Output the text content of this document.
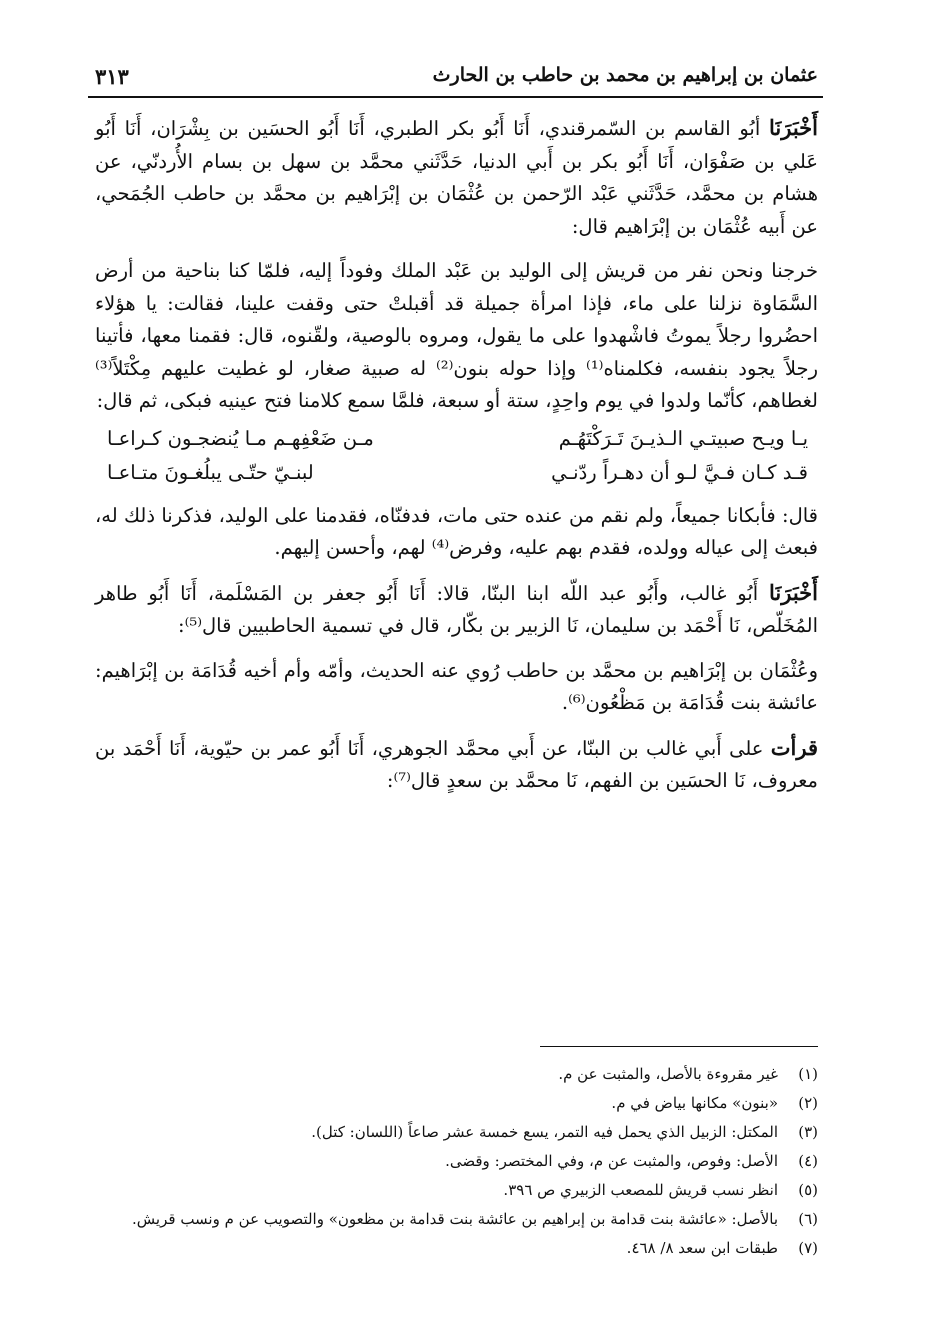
عثمان بن إبراهيم بن محمد بن حاطب بن الحارث
٣١٣

أَخْبَرَنَا أبُو القاسم بن السّمرقندي، أَنَا أَبُو بكر الطبري، أَنَا أَبُو الحسَين بن بِشْرَان، أَنَا أَبُو عَلي بن صَفْوَان، أَنَا أَبُو بكر بن أَبي الدنيا، حَدَّثَني محمَّد بن سهل بن بسام الأُردنّي، عن هشام بن محمَّد، حَدَّثَني عَبْد الرّحمن بن عُثْمَان بن إبْرَاهيم بن محمَّد بن حاطب الجُمَحي، عن أَبيه عُثْمَان بن إبْرَاهيم قال:

خرجنا ونحن نفر من قريش إلى الوليد بن عَبْد الملك وفوداً إليه، فلمّا كنا بناحية من أرض السَّمَاوة نزلنا على ماء، فإذا امرأة جميلة قد أقبلتْ حتى وقفت علينا، فقالت: يا هؤلاء احضُروا رجلاً يموتُ فاشْهدوا على ما يقول، ومروه بالوصية، ولقّنوه، قال: فقمنا معها، فأتينا رجلاً يجود بنفسه، فكلمناه⁽¹⁾ وإذا حوله بنون⁽²⁾ له صبية صغار، لو غطيت عليهم مِكْتَلاً⁽³⁾ لغطاهم، كأنّما ولدوا في يوم واحِدٍ، ستة أو سبعة، فلمَّا سمع كلامنا فتح عينيه فبكى، ثم قال:

يـا ويـح صبيتـي الـذيـنَ تَـرَكْتَهُـم
مـن ضَعْفِهـم مـا يُنضجـون كـراعـا
قـد كـان فـيَّ لـو أن دهـراً ردّنـي
لبنـيّ حتّـى يبلُغـونَ متـاعـا

قال: فأبكانا جميعاً، ولم نقم من عنده حتى مات، فدفنّاه، فقدمنا على الوليد، فذكرنا ذلك له، فبعث إلى عياله وولده، فقدم بهم عليه، وفرض⁽⁴⁾ لهم، وأحسن إليهم.

أَخْبَرَنَا أَبُو غالب، وأَبُو عبد اللّه ابنا البنّا، قالا: أَنَا أَبُو جعفر بن المَسْلَمة، أَنَا أَبُو طاهر المُخَلّص، نَا أَحْمَد بن سليمان، نَا الزبير بن بكّار، قال في تسمية الحاطبيين قال⁽⁵⁾:

وعُثْمَان بن إبْرَاهيم بن محمَّد بن حاطب رُوي عنه الحديث، وأمّه وأم أخيه قُدَامَة بن إبْرَاهيم: عائشة بنت قُدَامَة بن مَظْعُون⁽⁶⁾.

قرأت على أَبي غالب بن البنّا، عن أَبي محمَّد الجوهري، أَنَا أَبُو عمر بن حيّوية، أَنَا أَحْمَد بن معروف، نَا الحسَين بن الفهم، نَا محمَّد بن سعدٍ قال⁽⁷⁾:

(١)
غير مقروءة بالأصل، والمثبت عن م.
(٢)
«بنون» مكانها بياض في م.
(٣)
المكتل: الزبيل الذي يحمل فيه التمر، يسع خمسة عشر صاعاً (اللسان: كتل).
(٤)
الأصل: وفوص، والمثبت عن م، وفي المختصر: وقضى.
(٥)
انظر نسب قريش للمصعب الزبيري ص ٣٩٦.
(٦)
بالأصل: «عائشة بنت قدامة بن إبراهيم بن عائشة بنت قدامة بن مظعون» والتصويب عن م ونسب قريش.
(٧)
طبقات ابن سعد ٨/ ٤٦٨.
